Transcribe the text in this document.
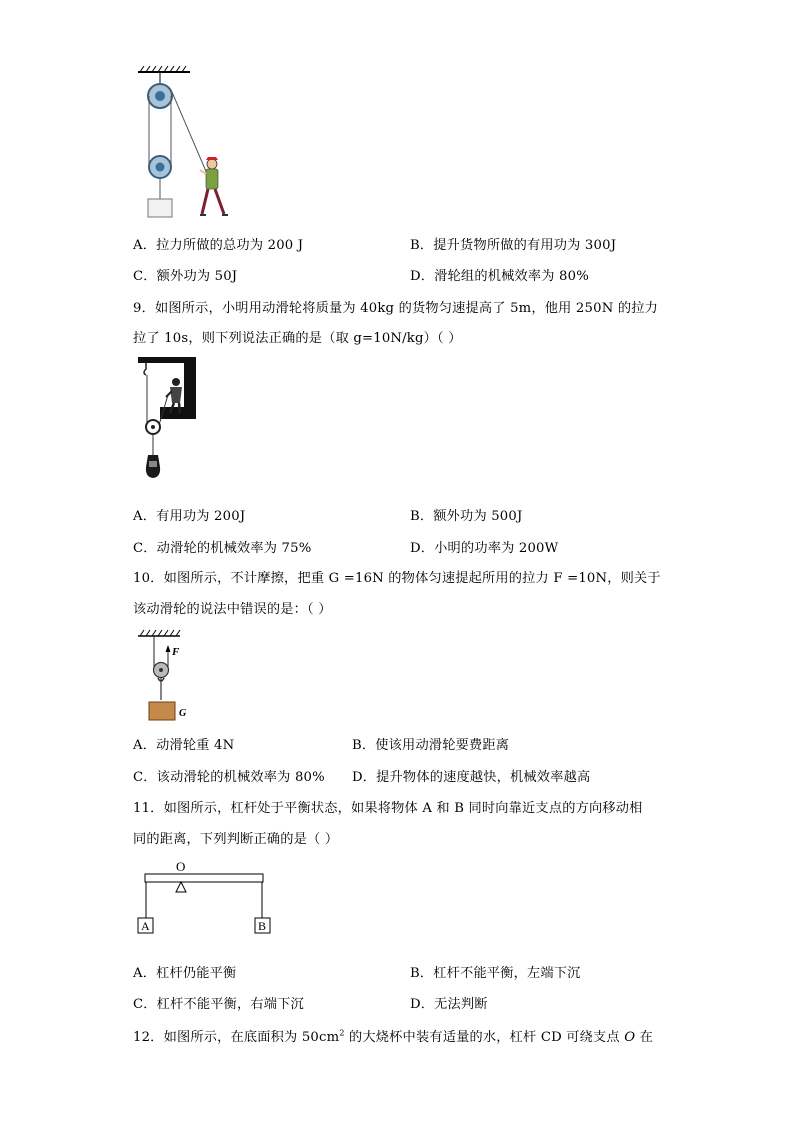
A．拉力所做的总功为 200 J	B．提升货物所做的有用功为 300J
C．额外功为 50J	D．滑轮组的机械效率为 80%
9．如图所示，小明用动滑轮将质量为 40kg 的货物匀速提高了 5m，他用 250N 的拉力
拉了 10s，则下列说法正确的是（取 g=10N/kg）（ ）
A．有用功为 200J	B．额外功为 500J
C．动滑轮的机械效率为 75%	D．小明的功率为 200W
10．如图所示，不计摩擦，把重 G =16N 的物体匀速提起所用的拉力 F =10N，则关于
该动滑轮的说法中错误的是：（ ）
F
G
A．动滑轮重 4N	B．使该用动滑轮要费距离
C．该动滑轮的机械效率为 80% D．提升物体的速度越快，机械效率越高
11．如图所示，杠杆处于平衡状态，如果将物体 A 和 B 同时向靠近支点的方向移动相
同的距离，下列判断正确的是（ ）
O
A	B
A．杠杆仍能平衡	B．杠杆不能平衡，左端下沉
C．杠杆不能平衡，右端下沉	D．无法判断
12．如图所示，在底面积为 $50cm^2$ 的大烧杯中装有适量的水，杠杆 CD 可绕支点 O 在
